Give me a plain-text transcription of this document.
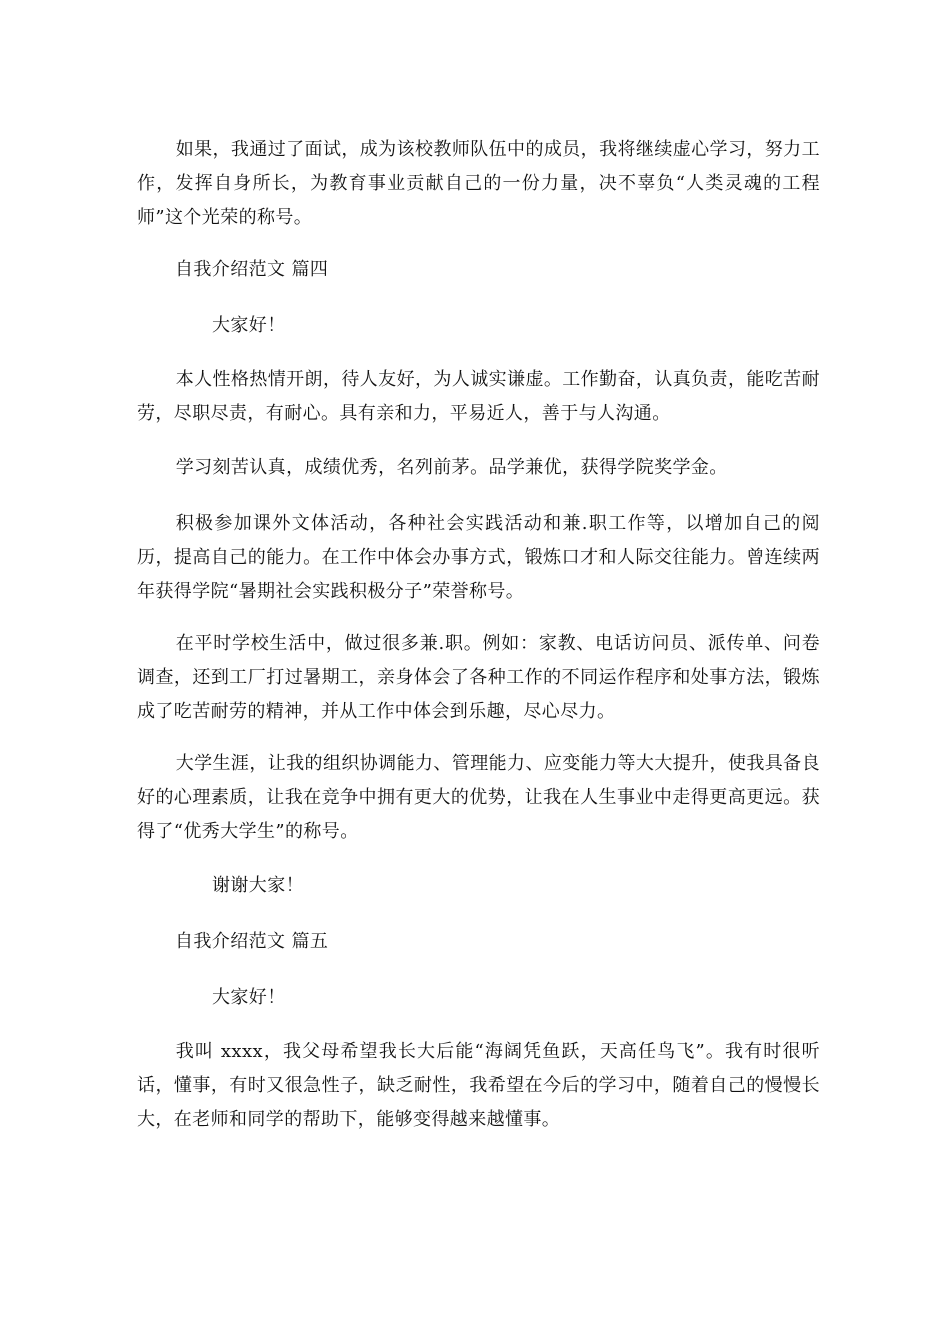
如果，我通过了面试，成为该校教师队伍中的成员，我将继续虚心学习，努力工作，发挥自身所长，为教育事业贡献自己的一份力量，决不辜负“人类灵魂的工程师”这个光荣的称号。

自我介绍范文 篇四

大家好！

本人性格热情开朗，待人友好，为人诚实谦虚。工作勤奋，认真负责，能吃苦耐劳，尽职尽责，有耐心。具有亲和力，平易近人，善于与人沟通。

学习刻苦认真，成绩优秀，名列前茅。品学兼优，获得学院奖学金。

积极参加课外文体活动，各种社会实践活动和兼.职工作等，以增加自己的阅历，提高自己的能力。在工作中体会办事方式，锻炼口才和人际交往能力。曾连续两年获得学院“暑期社会实践积极分子”荣誉称号。

在平时学校生活中，做过很多兼.职。例如：家教、电话访问员、派传单、问卷调查，还到工厂打过暑期工，亲身体会了各种工作的不同运作程序和处事方法，锻炼成了吃苦耐劳的精神，并从工作中体会到乐趣，尽心尽力。

大学生涯，让我的组织协调能力、管理能力、应变能力等大大提升，使我具备良好的心理素质，让我在竞争中拥有更大的优势，让我在人生事业中走得更高更远。获得了“优秀大学生”的称号。

谢谢大家！

自我介绍范文 篇五

大家好！

我叫 xxxx，我父母希望我长大后能“海阔凭鱼跃，天高任鸟飞”。我有时很听话，懂事，有时又很急性子，缺乏耐性，我希望在今后的学习中，随着自己的慢慢长大，在老师和同学的帮助下，能够变得越来越懂事。
